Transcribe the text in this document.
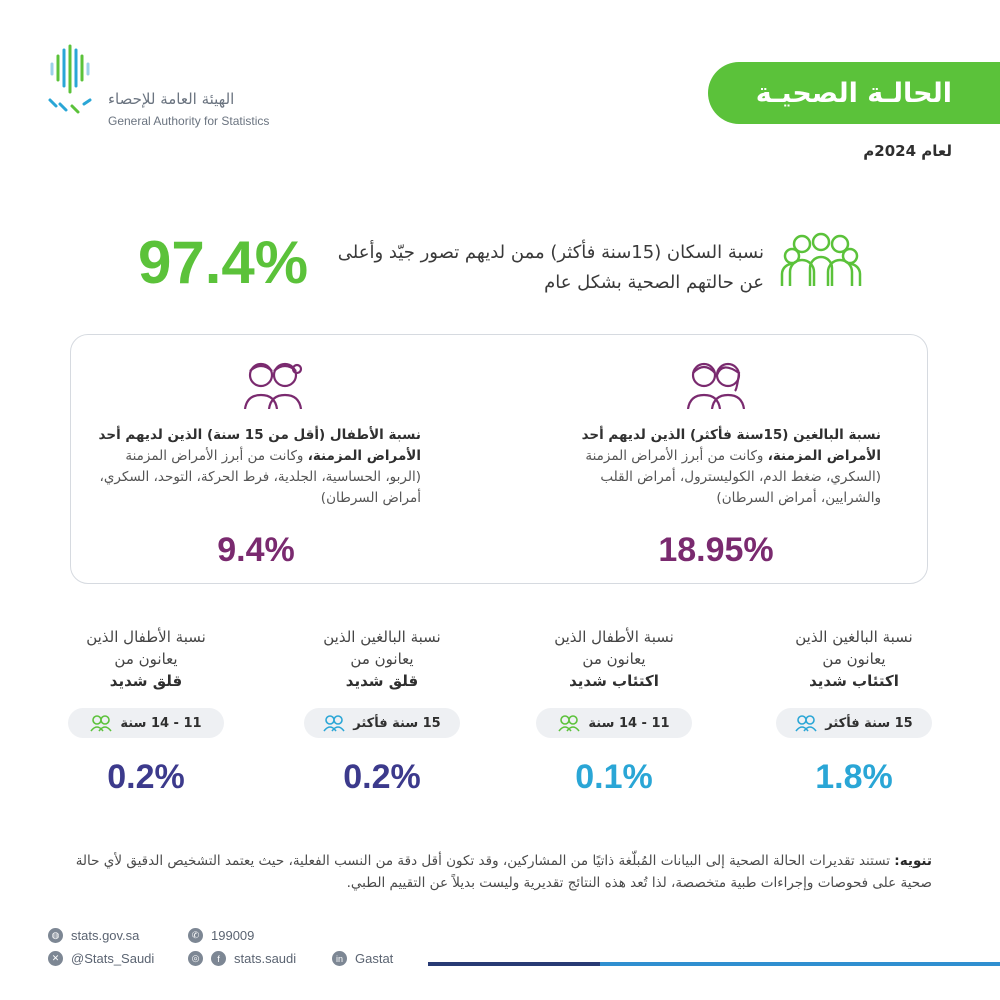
الهيئة العامة للإحصاء
General Authority for Statistics
الحالـة الصحيـة
لعام 2024م
نسبة السكان (15سنة فأكثر) ممن لديهم تصور جيّد وأعلى عن حالتهم الصحية بشكل عام
97.4%
نسبة البالغين (15سنة فأكثر) الذين لديهم أحد الأمراض المزمنة، وكانت من أبرز الأمراض المزمنة (السكري، ضغط الدم، الكوليسترول، أمراض القلب والشرايين، أمراض السرطان)
18.95%
نسبة الأطفال (أقل من 15 سنة) الذين لديهم أحد الأمراض المزمنة، وكانت من أبرز الأمراض المزمنة (الربو، الحساسية، الجلدية، فرط الحركة، التوحد، السكري، أمراض السرطان)
9.4%
نسبة البالغين الذين
يعانون من
اكتئاب شديد
15 سنة فأكثر
1.8%
نسبة الأطفال الذين
يعانون من
اكتئاب شديد
11 - 14 سنة
0.1%
نسبة البالغين الذين
يعانون من
قلق شديد
15 سنة فأكثر
0.2%
نسبة الأطفال الذين
يعانون من
قلق شديد
11 - 14 سنة
0.2%
تنويه: تستند تقديرات الحالة الصحية إلى البيانات المُبلّغة ذاتيًا من المشاركين، وقد تكون أقل دقة من النسب الفعلية، حيث يعتمد التشخيص الدقيق لأي حالة صحية على فحوصات وإجراءات طبية متخصصة، لذا تُعد هذه النتائج تقديرية وليست بديلاً عن التقييم الطبي.
◍ stats.gov.sa	✆ 199009
✕ @Stats_Saudi	◎	f	stats.saudi	in Gastat
